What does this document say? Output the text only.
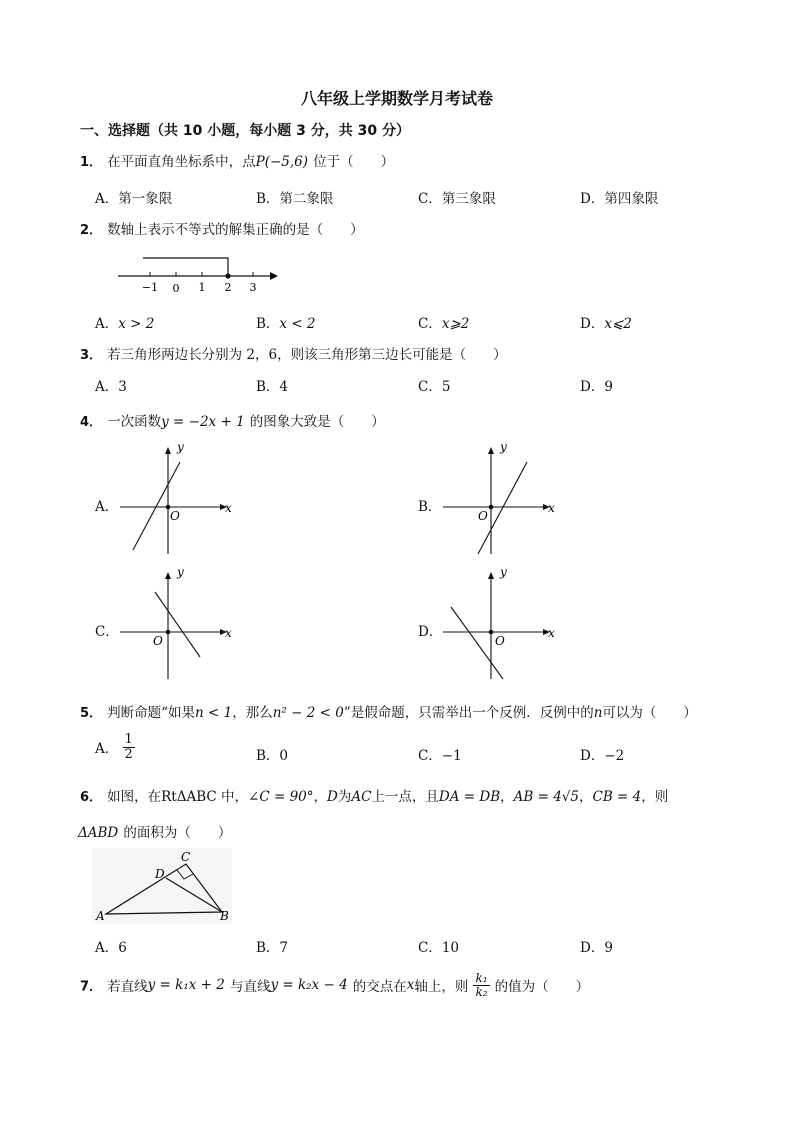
八年级上学期数学月考试卷
一、选择题（共 10 小题，每小题 3 分，共 30 分）
1． 在平面直角坐标系中，点P(−5,6) 位于（　　）
A．第一象限	B．第二象限	C．第三象限	D．第四象限
2． 数轴上表示不等式的解集正确的是（　　）
−1 0 1 2 3
A．x > 2	B．x < 2	C．x⩾2	D．x⩽2
3． 若三角形两边长分别为 2，6，则该三角形第三边长可能是（　　）
A．3	B．4	C．5	D．9
4． 一次函数y = −2x + 1 的图象大致是（　　）
A．
y
x
O
B．
y
x
O
C．
y
x
O
D．
y
x
O
5． 判断命题“如果n < 1，那么n² − 2 < 0”是假命题，只需举出一个反例．反例中的n可以为（　　）
A． $\frac{1}{2}$	B．0	C．−1	D．−2
6． 如图，在RtΔABC 中，∠C = 90°，D为AC上一点，且DA = DB，AB = 4√5，CB = 4，则
ΔABD 的面积为（　　）
A	B
C
D
A．6	B．7	C．10	D．9
7． 若直线y = k₁x + 2 与直线y = k₂x − 4 的交点在x轴上，则 $\frac{\text{k₁}}{\text{k₂}}$ 的值为（　　）
